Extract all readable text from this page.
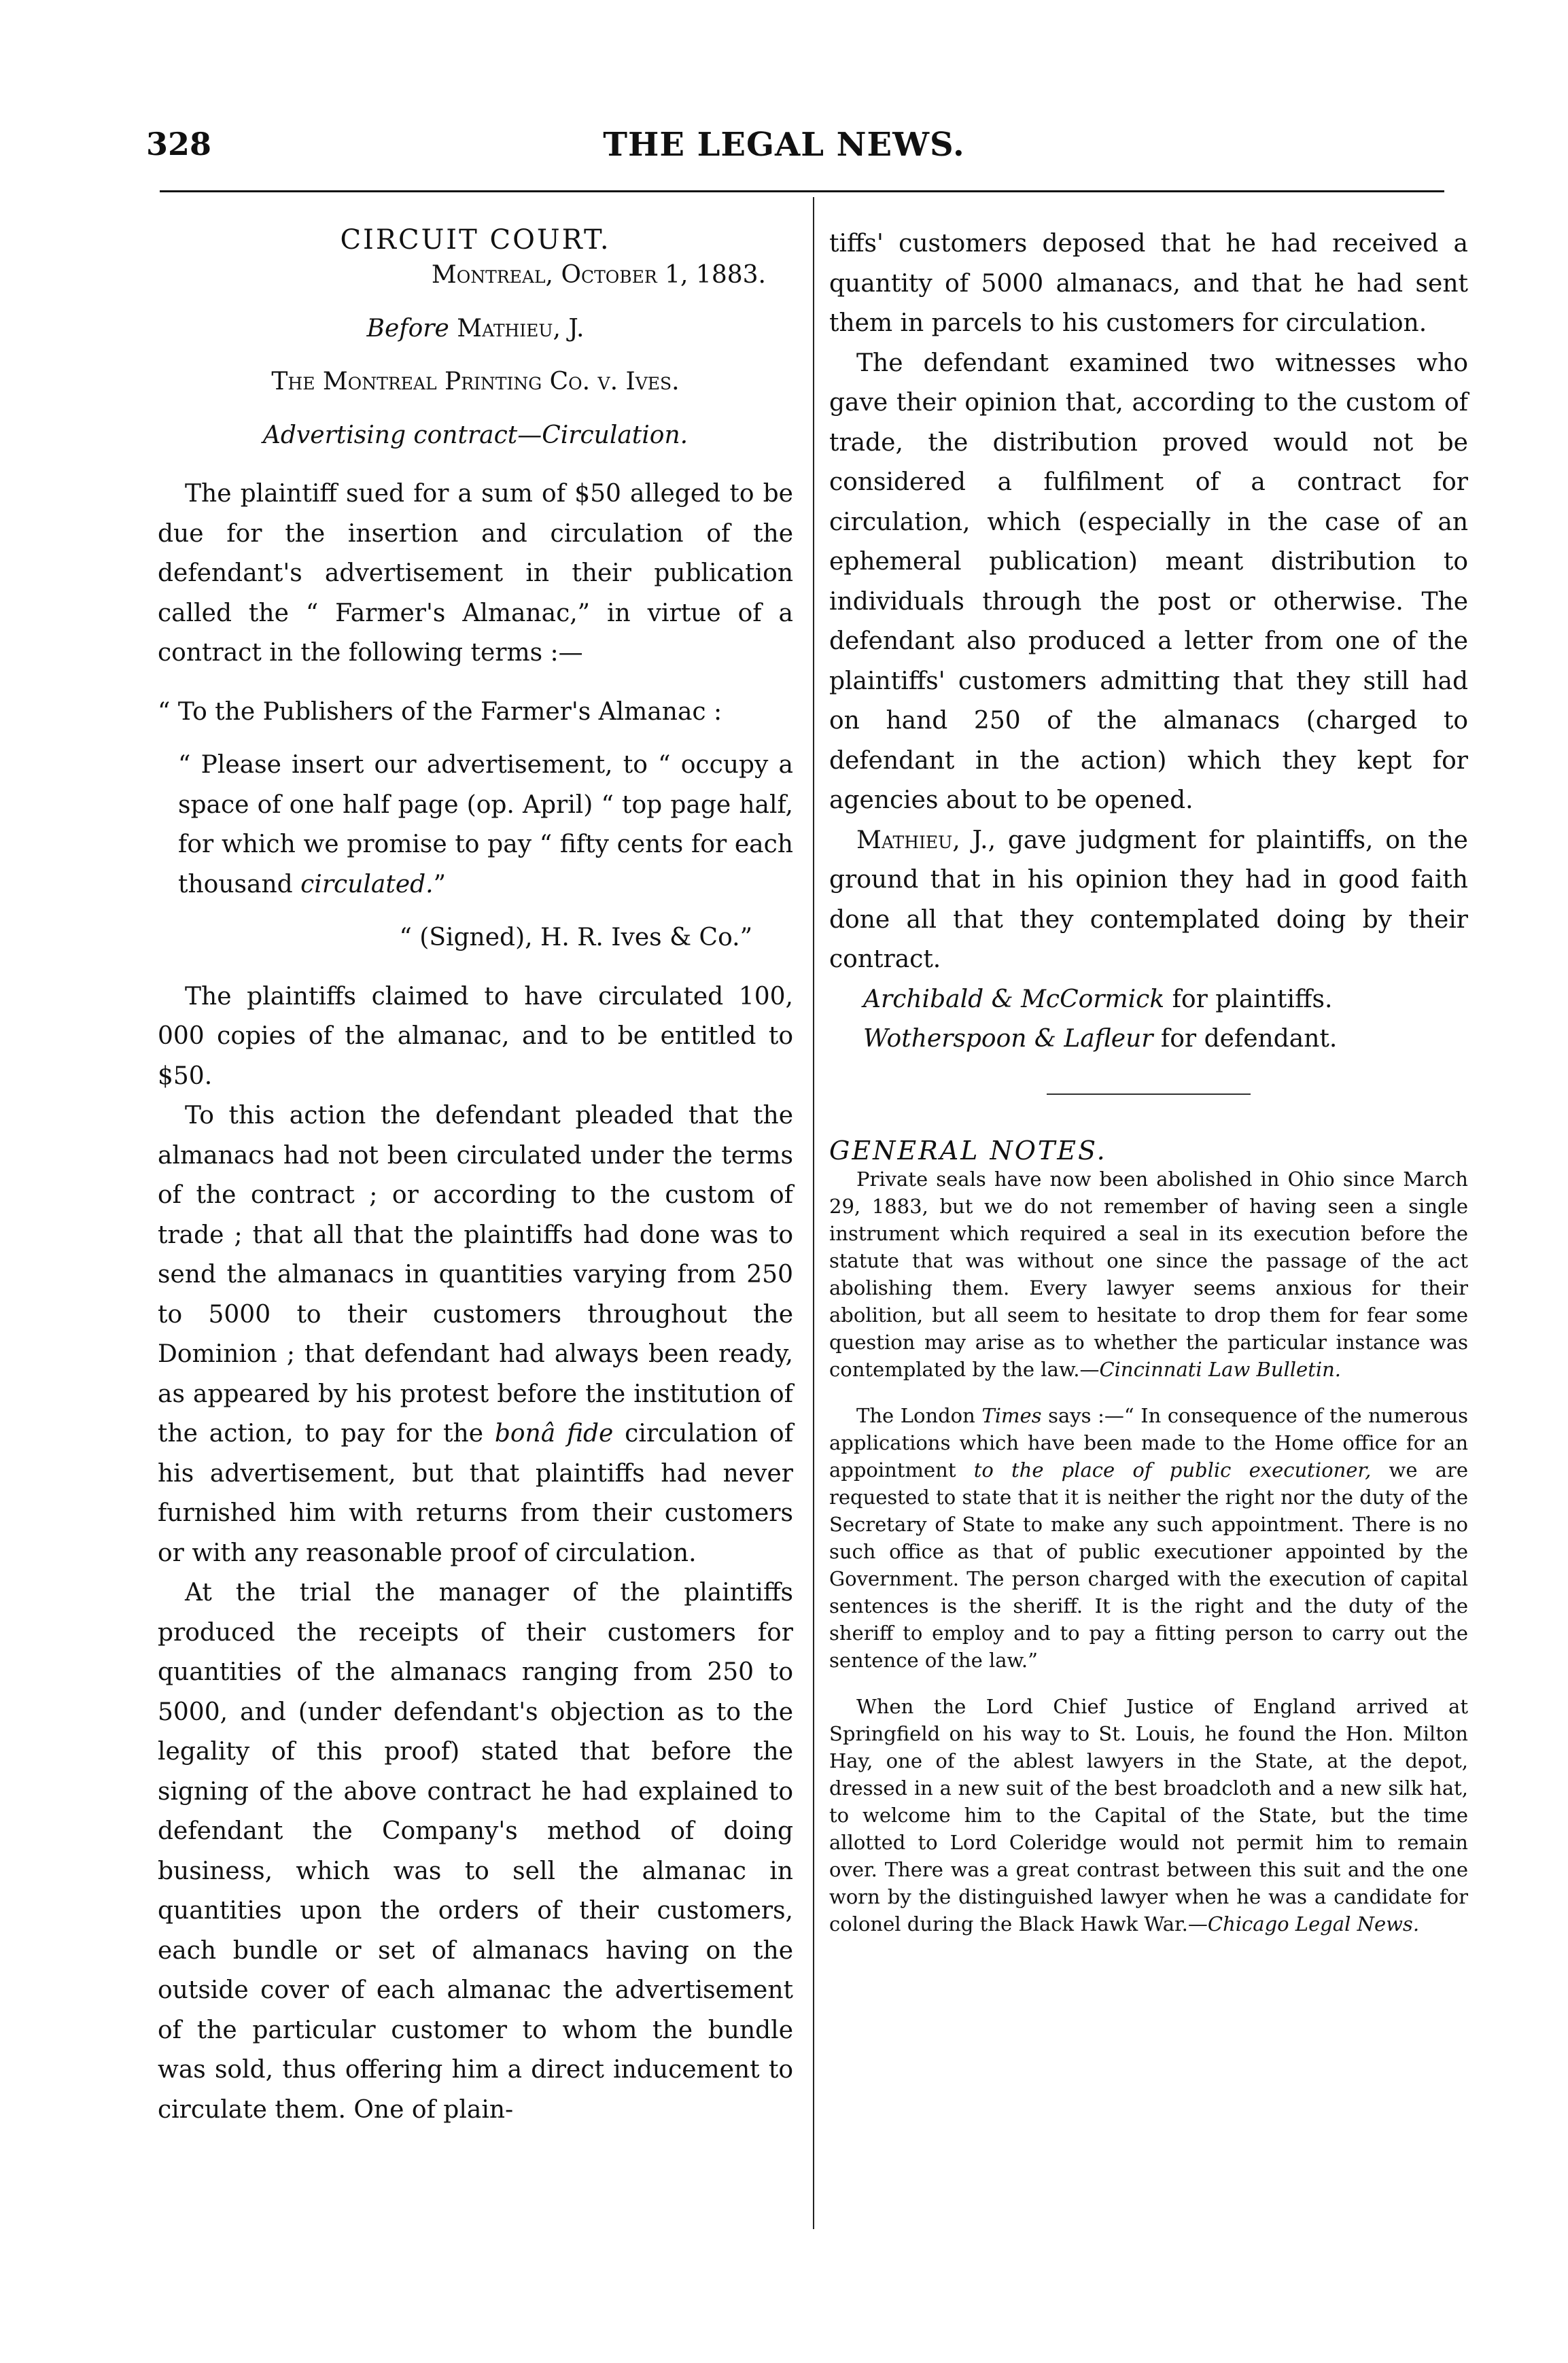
328	THE LEGAL NEWS.

CIRCUIT COURT.

Montreal, October 1, 1883.

Before Mathieu, J.

The Montreal Printing Co. v. Ives.

Advertising contract—Circulation.

The plaintiff sued for a sum of $50 alleged to be due for the insertion and circulation of the defendant's advertisement in their publication called the “ Farmer's Almanac,” in virtue of a contract in the following terms :—

“ To the Publishers of the Farmer's Almanac :

“ Please insert our advertisement, to “ occupy a space of one half page (op. April) “ top page half, for which we promise to pay “ fifty cents for each thousand circulated.”

“ (Signed), H. R. Ives & Co.”

The plaintiffs claimed to have circulated 100, 000 copies of the almanac, and to be entitled to $50.

To this action the defendant pleaded that the almanacs had not been circulated under the terms of the contract ; or according to the custom of trade ; that all that the plaintiffs had done was to send the almanacs in quantities varying from 250 to 5000 to their customers throughout the Dominion ; that defendant had always been ready, as appeared by his protest before the institution of the action, to pay for the bonâ fide circulation of his advertisement, but that plaintiffs had never furnished him with returns from their customers or with any reasonable proof of circulation.

At the trial the manager of the plaintiffs produced the receipts of their customers for quantities of the almanacs ranging from 250 to 5000, and (under defendant's objection as to the legality of this proof) stated that before the signing of the above contract he had explained to defendant the Company's method of doing business, which was to sell the almanac in quantities upon the orders of their customers, each bundle or set of almanacs having on the outside cover of each almanac the advertisement of the particular customer to whom the bundle was sold, thus offering him a direct inducement to circulate them. One of plain-

tiffs' customers deposed that he had received a quantity of 5000 almanacs, and that he had sent them in parcels to his customers for circulation.

The defendant examined two witnesses who gave their opinion that, according to the custom of trade, the distribution proved would not be considered a fulfilment of a contract for circulation, which (especially in the case of an ephemeral publication) meant distribution to individuals through the post or otherwise. The defendant also produced a letter from one of the plaintiffs' customers admitting that they still had on hand 250 of the almanacs (charged to defendant in the action) which they kept for agencies about to be opened.

Mathieu, J., gave judgment for plaintiffs, on the ground that in his opinion they had in good faith done all that they contemplated doing by their contract.

Archibald & McCormick for plaintiffs.

Wotherspoon & Lafleur for defendant.

GENERAL NOTES.

Private seals have now been abolished in Ohio since March 29, 1883, but we do not remember of having seen a single instrument which required a seal in its execution before the statute that was without one since the passage of the act abolishing them. Every lawyer seems anxious for their abolition, but all seem to hesitate to drop them for fear some question may arise as to whether the particular instance was contemplated by the law.—Cincinnati Law Bulletin.

The London Times says :—“ In consequence of the numerous applications which have been made to the Home office for an appointment to the place of public executioner, we are requested to state that it is neither the right nor the duty of the Secretary of State to make any such appointment. There is no such office as that of public executioner appointed by the Government. The person charged with the execution of capital sentences is the sheriff. It is the right and the duty of the sheriff to employ and to pay a fitting person to carry out the sentence of the law.”

When the Lord Chief Justice of England arrived at Springfield on his way to St. Louis, he found the Hon. Milton Hay, one of the ablest lawyers in the State, at the depot, dressed in a new suit of the best broadcloth and a new silk hat, to welcome him to the Capital of the State, but the time allotted to Lord Coleridge would not permit him to remain over. There was a great contrast between this suit and the one worn by the distinguished lawyer when he was a candidate for colonel during the Black Hawk War.—Chicago Legal News.
